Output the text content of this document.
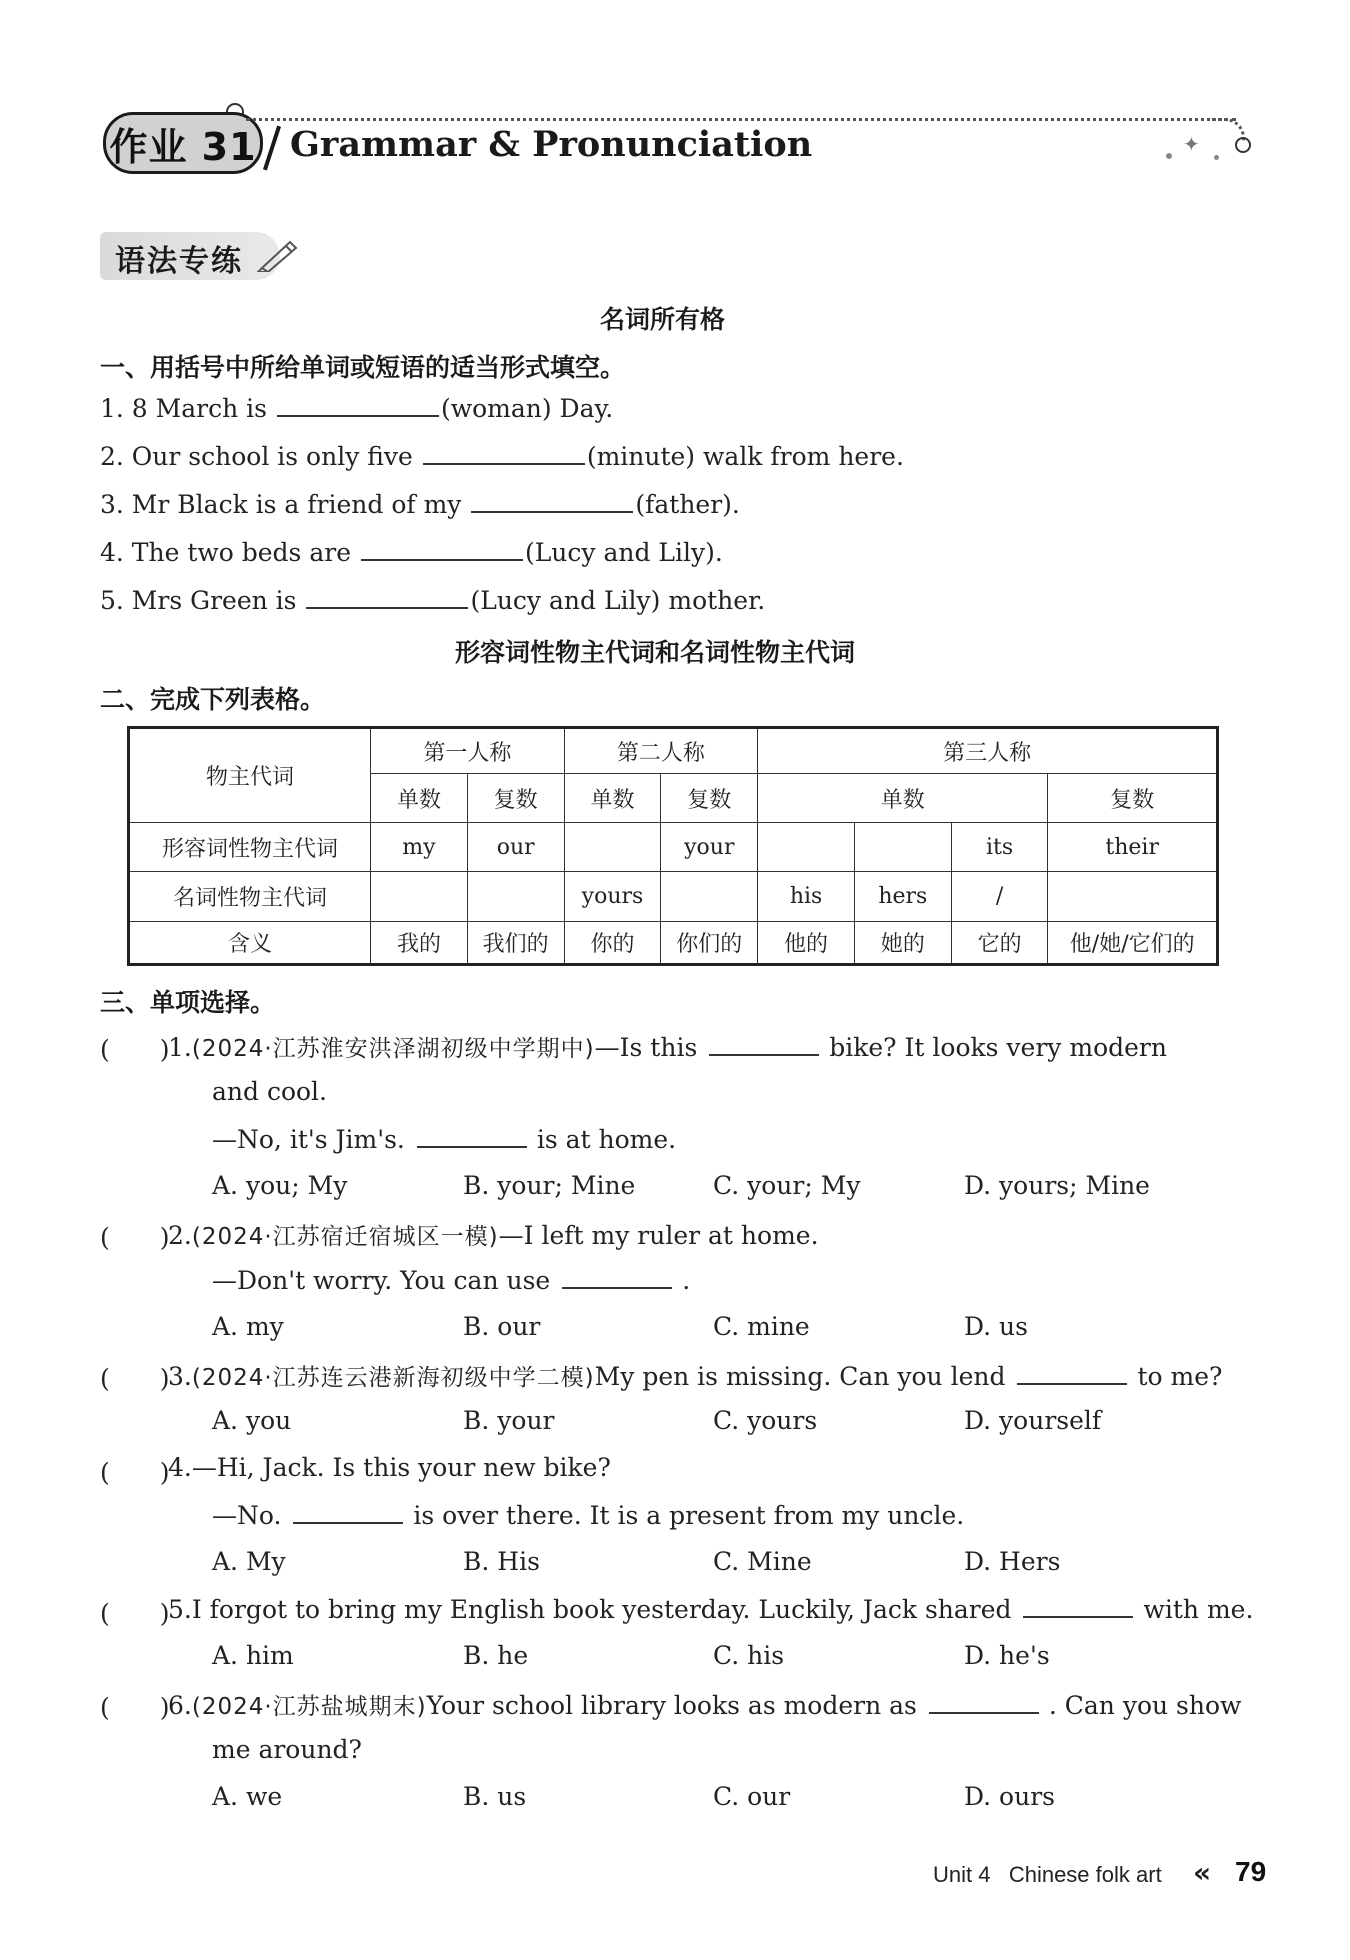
作业 31	✦
Grammar & Pronunciation
语法专练
名词所有格
一、用括号中所给单词或短语的适当形式填空。
1. 8 March is	(woman) Day.
2. Our school is only five	(minute) walk from here.
3. Mr Black is a friend of my	(father).
4. The two beds are	(Lucy and Lily).
5. Mrs Green is	(Lucy and Lily) mother.
形容词性物主代词和名词性物主代词
二、完成下列表格。
物主代词	第一人称		第二人称		第三人称			
	单数	复数	单数	复数	单数			复数
形容词性物主代词	my	our		your			its	their
名词性物主代词			yours		his	hers	/	
含义	我的	我们的	你的	你们的	他的	她的	它的	他/她/它们的
三、单项选择。
(　　)
1.(2024·江苏淮安洪泽湖初级中学期中)—Is this	bike? It looks very modern
and cool.
—No, it's Jim's.	is at home.
A. you; My	B. your; Mine	C. your; My	D. yours; Mine
(　　)
2.(2024·江苏宿迁宿城区一模)—I left my ruler at home.
—Don't worry. You can use	.
A. my	B. our	C. mine	D. us
(　　)
3.(2024·江苏连云港新海初级中学二模)My pen is missing. Can you lend	to me?
A. you	B. your	C. yours	D. yourself
(　　)
4.—Hi, Jack. Is this your new bike?
—No.	is over there. It is a present from my uncle.
A. My	B. His	C. Mine	D. Hers
(　　)
5.I forgot to bring my English book yesterday. Luckily, Jack shared	with me.
A. him	B. he	C. his	D. he's
(　　)
6.(2024·江苏盐城期末)Your school library looks as modern as	. Can you show
me around?
A. we	B. us	C. our	D. ours
Unit 4 Chinese folk art « 79
